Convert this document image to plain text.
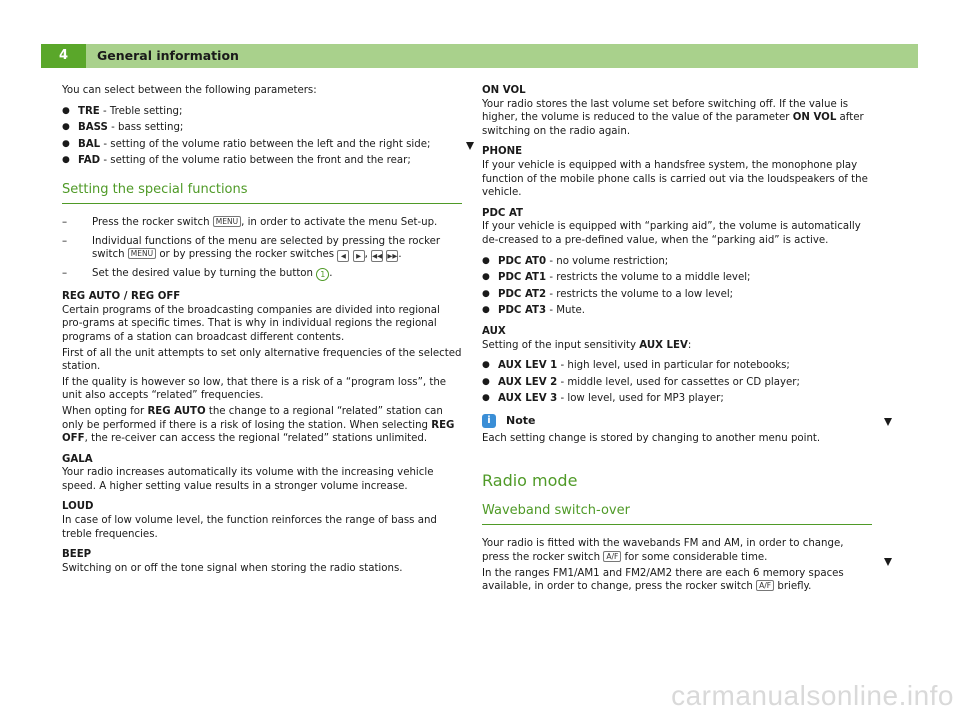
4	General information

You can select between the following parameters:

● TRE - Treble setting;
● BASS - bass setting;
● BAL - setting of the volume ratio between the left and the right side;
● FAD - setting of the volume ratio between the front and the rear;
Setting the special functions
– Press the rocker switch MENU , in order to activate the menu Set-up.
– Individual functions of the menu are selected by pressing the rocker switch MENU or by pressing the rocker switches ◀ ▶ , ◀◀ ▶▶.
– Set the desired value by turning the button 1 .

REG AUTO / REG OFF

Certain programs of the broadcasting companies are divided into regional pro-grams at specific times. That is why in individual regions the regional programs of a station can broadcast different contents.

First of all the unit attempts to set only alternative frequencies of the selected station.

If the quality is however so low, that there is a risk of a “program loss”, the unit also accepts “related” frequencies.

When opting for REG AUTO the change to a regional “related” station can only be performed if there is a risk of losing the station. When selecting REG OFF, the re-ceiver can access the regional “related” stations unlimited.

GALA

Your radio increases automatically its volume with the increasing vehicle speed. A higher setting value results in a stronger volume increase.

LOUD

In case of low volume level, the function reinforces the range of bass and treble frequencies.

BEEP

Switching on or off the tone signal when storing the radio stations.

ON VOL

Your radio stores the last volume set before switching off. If the value is higher, the volume is reduced to the value of the parameter ON VOL after switching on the radio again.

PHONE

If your vehicle is equipped with a handsfree system, the monophone play function of the mobile phone calls is carried out via the loudspeakers of the vehicle.

PDC AT

If your vehicle is equipped with “parking aid”, the volume is automatically de-creased to a pre-defined value, when the “parking aid” is active.

● PDC AT0 - no volume restriction;
● PDC AT1 - restricts the volume to a middle level;
● PDC AT2 - restricts the volume to a low level;
● PDC AT3 - Mute.

AUX

Setting of the input sensitivity AUX LEV:

● AUX LEV 1 - high level, used in particular for notebooks;
● AUX LEV 2 - middle level, used for cassettes or CD player;
● AUX LEV 3 - low level, used for MP3 player;
i	Note

Each setting change is stored by changing to another menu point.

Radio mode
Waveband switch-over

Your radio is fitted with the wavebands FM and AM, in order to change, press the rocker switch A/F for some considerable time.

In the ranges FM1/AM1 and FM2/AM2 there are each 6 memory spaces available, in order to change, press the rocker switch A/F briefly.

carmanualsonline.info
